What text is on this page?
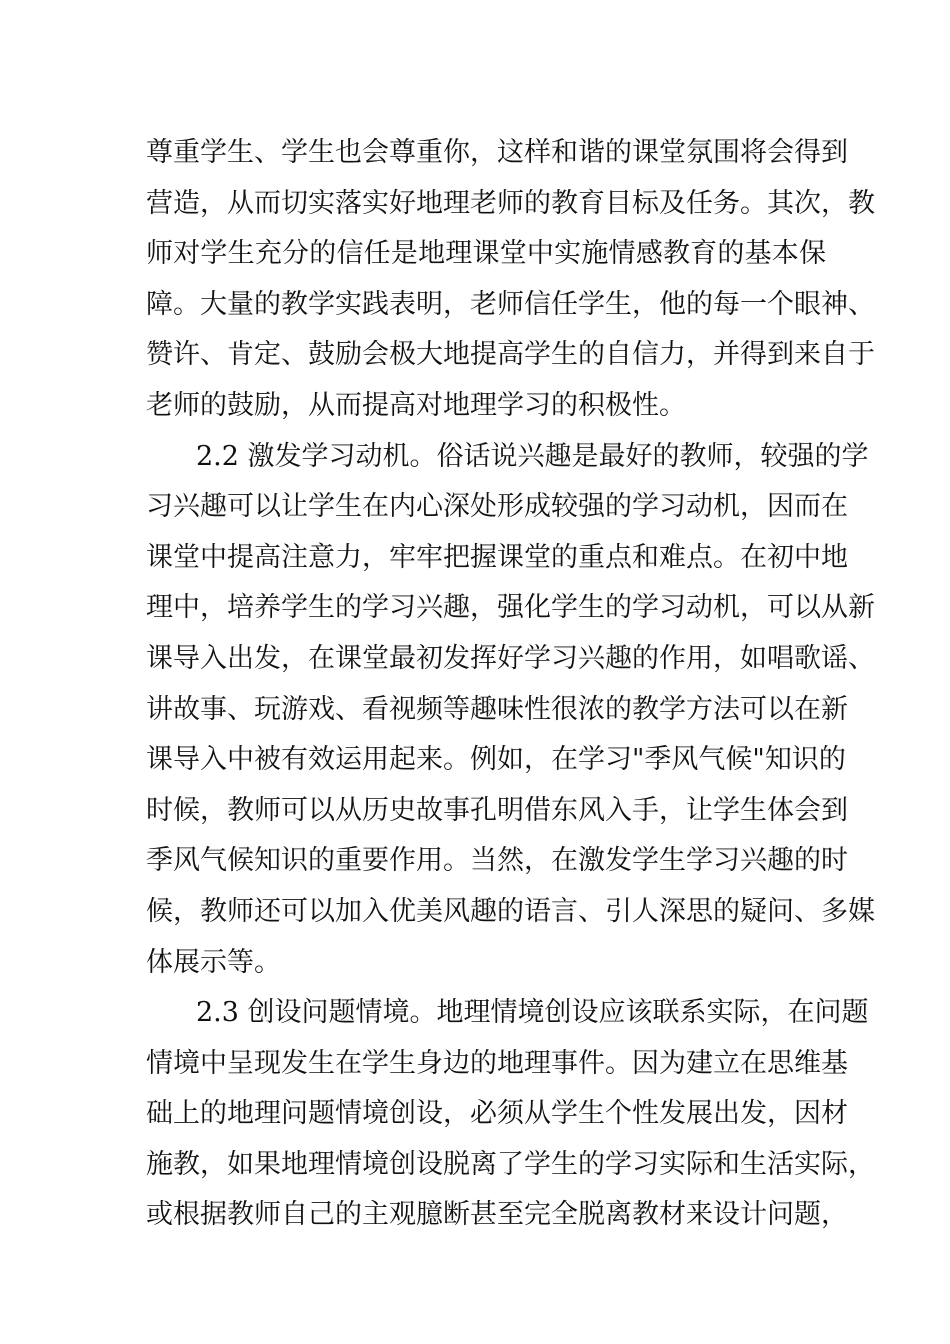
尊重学生、学生也会尊重你，这样和谐的课堂氛围将会得到
营造，从而切实落实好地理老师的教育目标及任务。其次，教
师对学生充分的信任是地理课堂中实施情感教育的基本保
障。大量的教学实践表明，老师信任学生，他的每一个眼神、
赞许、肯定、鼓励会极大地提高学生的自信力，并得到来自于
老师的鼓励，从而提高对地理学习的积极性。
2.2 激发学习动机。俗话说兴趣是最好的教师，较强的学
习兴趣可以让学生在内心深处形成较强的学习动机，因而在
课堂中提高注意力，牢牢把握课堂的重点和难点。在初中地
理中，培养学生的学习兴趣，强化学生的学习动机，可以从新
课导入出发，在课堂最初发挥好学习兴趣的作用，如唱歌谣、
讲故事、玩游戏、看视频等趣味性很浓的教学方法可以在新
课导入中被有效运用起来。例如，在学习"季风气候"知识的
时候，教师可以从历史故事孔明借东风入手，让学生体会到
季风气候知识的重要作用。当然，在激发学生学习兴趣的时
候，教师还可以加入优美风趣的语言、引人深思的疑问、多媒
体展示等。
2.3 创设问题情境。地理情境创设应该联系实际，在问题
情境中呈现发生在学生身边的地理事件。因为建立在思维基
础上的地理问题情境创设，必须从学生个性发展出发，因材
施教，如果地理情境创设脱离了学生的学习实际和生活实际，
或根据教师自己的主观臆断甚至完全脱离教材来设计问题，
